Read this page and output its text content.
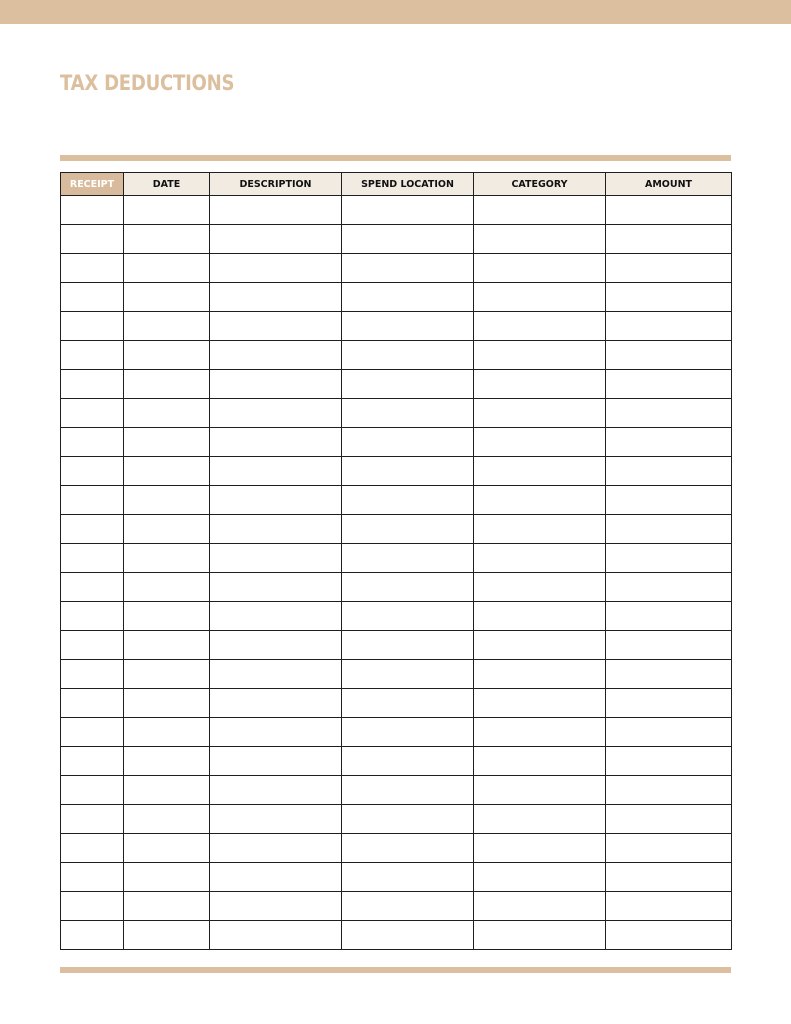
TAX DEDUCTIONS
RECEIPT	DATE	DESCRIPTION	SPEND LOCATION	CATEGORY	AMOUNT
